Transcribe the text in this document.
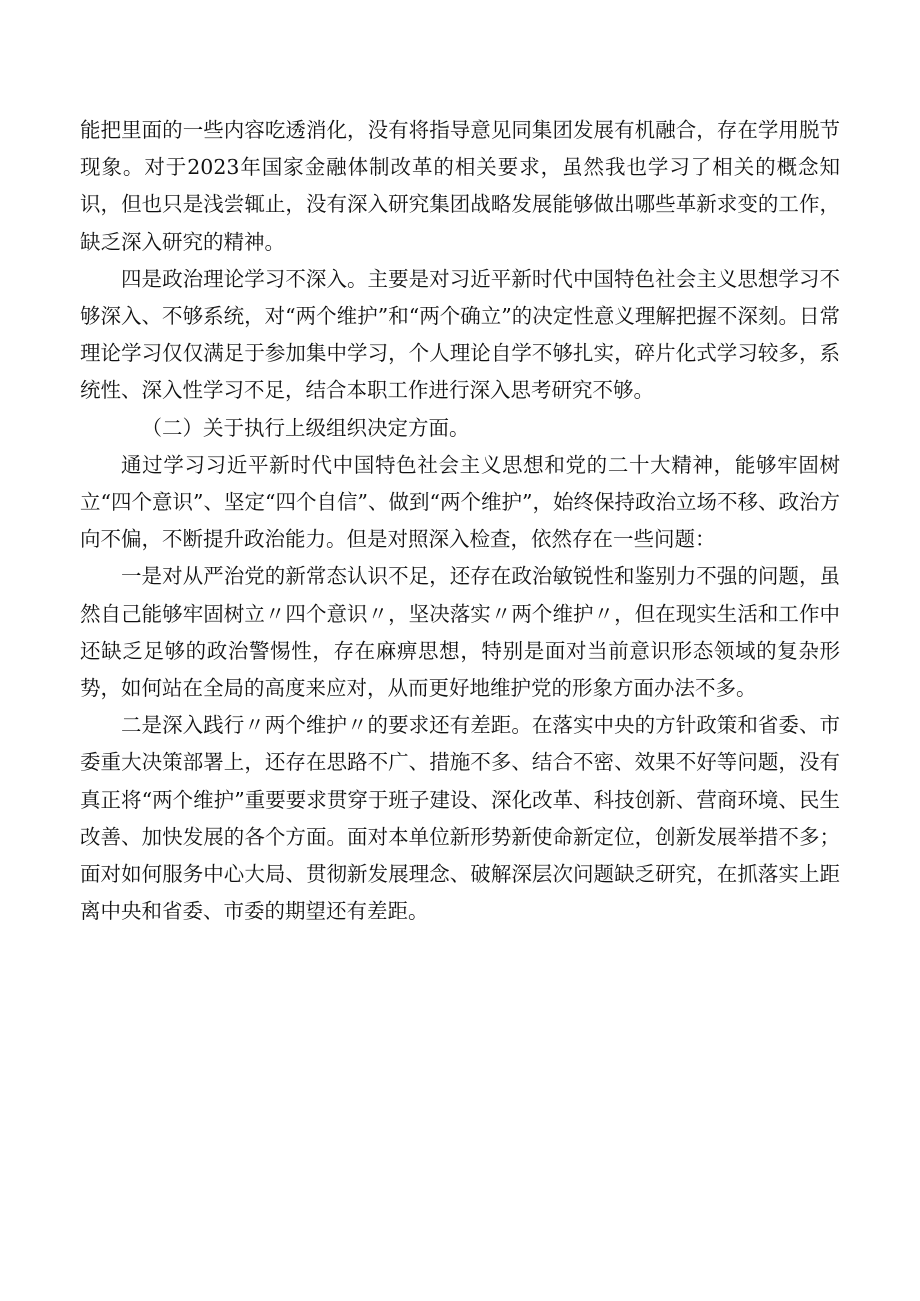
能把里面的一些内容吃透消化，没有将指导意见同集团发展有机融合，存在学用脱节现象。对于2023年国家金融体制改革的相关要求，虽然我也学习了相关的概念知识，但也只是浅尝辄止，没有深入研究集团战略发展能够做出哪些革新求变的工作，缺乏深入研究的精神。

四是政治理论学习不深入。主要是对习近平新时代中国特色社会主义思想学习不够深入、不够系统，对“两个维护”和“两个确立”的决定性意义理解把握不深刻。日常理论学习仅仅满足于参加集中学习，个人理论自学不够扎实，碎片化式学习较多，系统性、深入性学习不足，结合本职工作进行深入思考研究不够。

（二）关于执行上级组织决定方面。

通过学习习近平新时代中国特色社会主义思想和党的二十大精神，能够牢固树立“四个意识”、坚定“四个自信”、做到“两个维护”，始终保持政治立场不移、政治方向不偏，不断提升政治能力。但是对照深入检查，依然存在一些问题：

一是对从严治党的新常态认识不足，还存在政治敏锐性和鉴别力不强的问题，虽然自己能够牢固树立〃四个意识〃，坚决落实〃两个维护〃，但在现实生活和工作中还缺乏足够的政治警惕性，存在麻痹思想，特别是面对当前意识形态领域的复杂形势，如何站在全局的高度来应对，从而更好地维护党的形象方面办法不多。

二是深入践行〃两个维护〃的要求还有差距。在落实中央的方针政策和省委、市委重大决策部署上，还存在思路不广、措施不多、结合不密、效果不好等问题，没有真正将“两个维护”重要要求贯穿于班子建设、深化改革、科技创新、营商环境、民生改善、加快发展的各个方面。面对本单位新形势新使命新定位，创新发展举措不多；面对如何服务中心大局、贯彻新发展理念、破解深层次问题缺乏研究，在抓落实上距离中央和省委、市委的期望还有差距。
